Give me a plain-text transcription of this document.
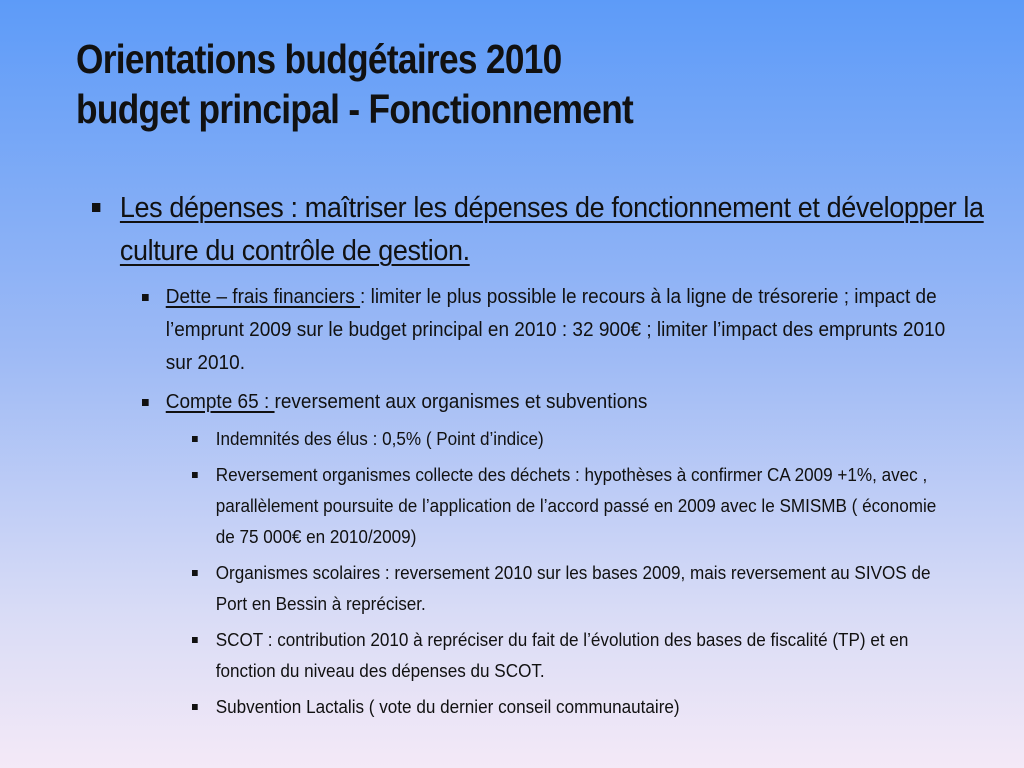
Orientations budgétaires 2010
budget principal - Fonctionnement
Les dépenses : maîtriser les dépenses de fonctionnement et développer la culture du contrôle de gestion.
Dette – frais financiers : limiter le plus possible le recours à la ligne de trésorerie ; impact de l’emprunt 2009 sur le budget principal en 2010 : 32 900€ ; limiter l’impact des emprunts 2010 sur 2010.
Compte 65 : reversement aux organismes et subventions
Indemnités des élus : 0,5% ( Point d’indice)
Reversement organismes collecte des déchets : hypothèses à confirmer CA 2009 +1%, avec , parallèlement poursuite de l’application de l’accord passé en 2009 avec le SMISMB ( économie de 75 000€ en 2010/2009)
Organismes scolaires : reversement 2010 sur les bases 2009, mais reversement au SIVOS de Port en Bessin à repréciser.
SCOT : contribution 2010 à repréciser du fait de l’évolution des bases de fiscalité (TP) et en fonction du niveau des dépenses du SCOT.
Subvention Lactalis ( vote du dernier conseil communautaire)
